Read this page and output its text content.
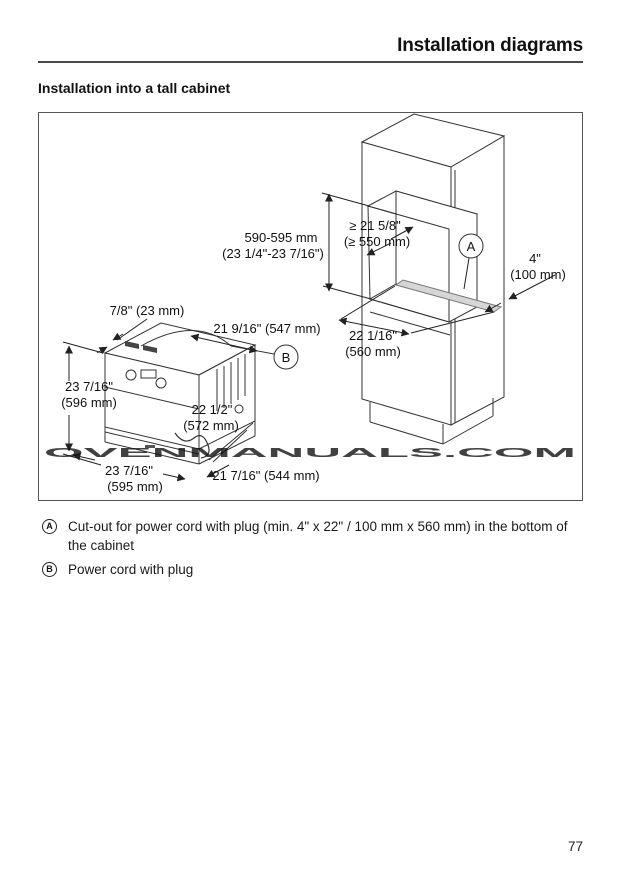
Installation diagrams
Installation into a tall cabinet
590-595 mm
(23 1/4"-23 7/16")
≥ 21 5/8"
(≥ 550 mm)	A
4"
(100 mm)
22 1/16"
(560 mm)
7/8" (23 mm)
21 9/16" (547 mm)
B
23 7/16"
(596 mm)	22 1/2"
(572 mm)
23 7/16"
(595 mm)
21 7/16" (544 mm)
OVENMANUALS.COM
A	Cut-out for power cord with plug (min. 4" x 22" / 100 mm x 560 mm) in the bottom of the cabinet
B	Power cord with plug
77
